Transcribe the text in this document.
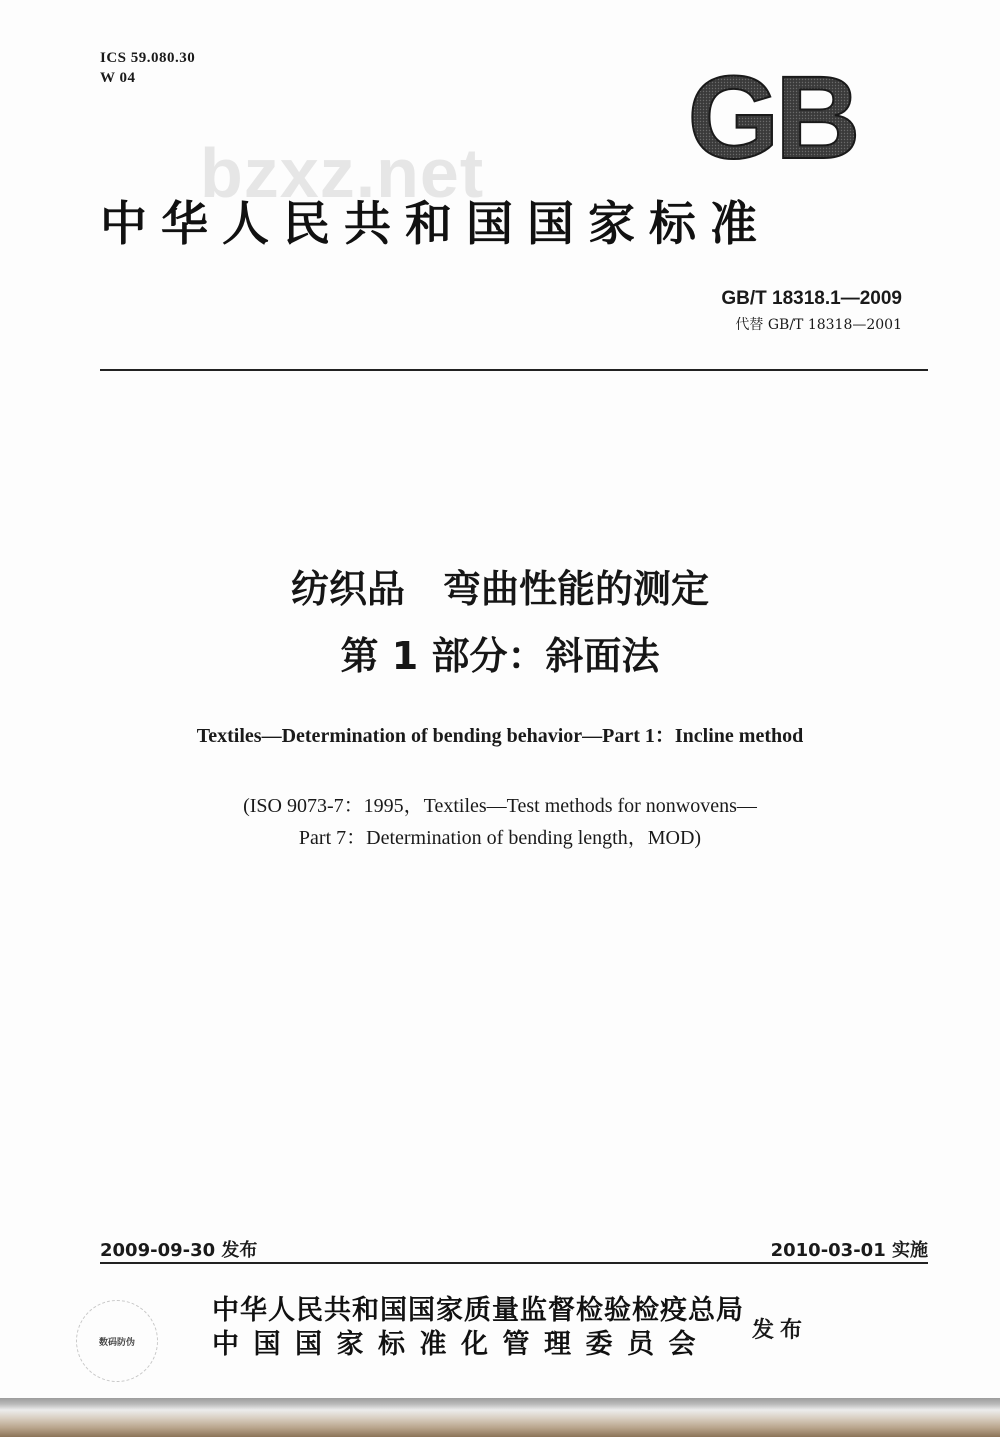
ICS 59.080.30
W 04	GB
bzxz.net
中华人民共和国国家标准
GB/T 18318.1—2009
代替 GB/T 18318—2001
纺织品　弯曲性能的测定
第 1 部分：斜面法
Textiles—Determination of bending behavior—Part 1：Incline method
(ISO 9073-7：1995，Textiles—Test methods for nonwovens—
Part 7：Determination of bending length，MOD)
2009-09-30 发布	2010-03-01 实施
数码防伪
中华人民共和国国家质量监督检验检疫总局
中国国家标准化管理委员会	发布
